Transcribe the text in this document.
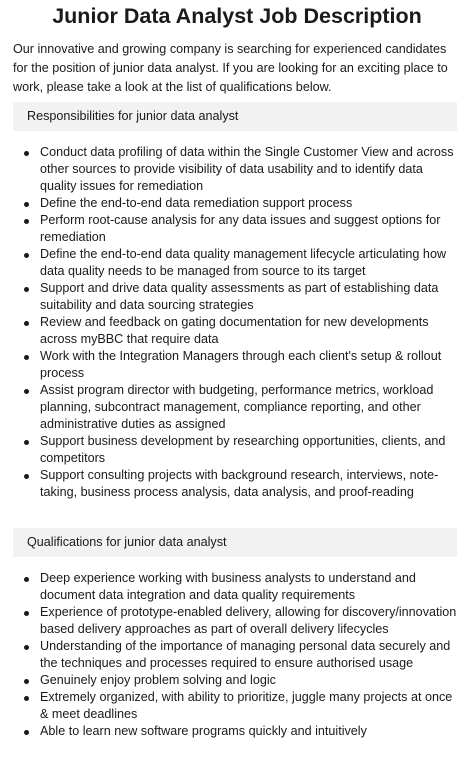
Junior Data Analyst Job Description

Our innovative and growing company is searching for experienced candidates for the position of junior data analyst. If you are looking for an exciting place to work, please take a look at the list of qualifications below.

Responsibilities for junior data analyst
Conduct data profiling of data within the Single Customer View and across other sources to provide visibility of data usability and to identify data quality issues for remediation
Define the end-to-end data remediation support process
Perform root-cause analysis for any data issues and suggest options for remediation
Define the end-to-end data quality management lifecycle articulating how data quality needs to be managed from source to its target
Support and drive data quality assessments as part of establishing data suitability and data sourcing strategies
Review and feedback on gating documentation for new developments across myBBC that require data
Work with the Integration Managers through each client's setup & rollout process
Assist program director with budgeting, performance metrics, workload planning, subcontract management, compliance reporting, and other administrative duties as assigned
Support business development by researching opportunities, clients, and competitors
Support consulting projects with background research, interviews, note-taking, business process analysis, data analysis, and proof-reading
Qualifications for junior data analyst
Deep experience working with business analysts to understand and document data integration and data quality requirements
Experience of prototype-enabled delivery, allowing for discovery/innovation based delivery approaches as part of overall delivery lifecycles
Understanding of the importance of managing personal data securely and the techniques and processes required to ensure authorised usage
Genuinely enjoy problem solving and logic
Extremely organized, with ability to prioritize, juggle many projects at once & meet deadlines
Able to learn new software programs quickly and intuitively
